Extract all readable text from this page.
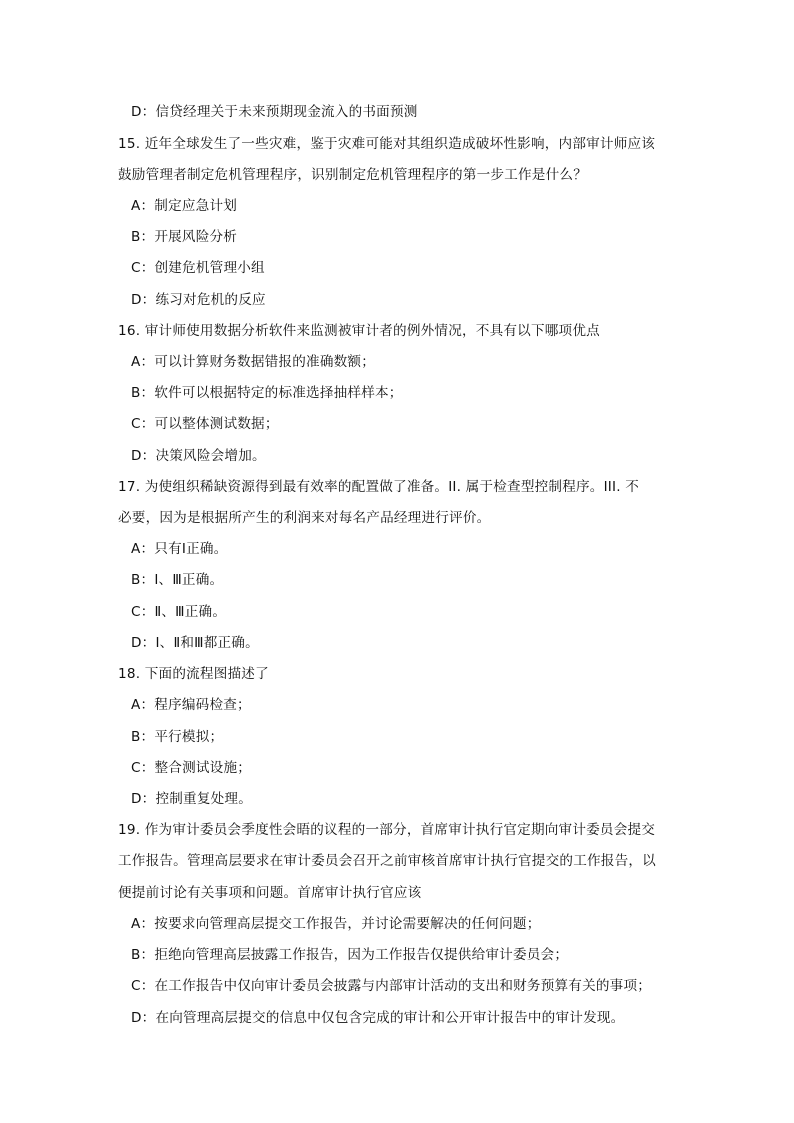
D：信贷经理关于未来预期现金流入的书面预测
15. 近年全球发生了一些灾难，鉴于灾难可能对其组织造成破坏性影响，内部审计师应该
鼓励管理者制定危机管理程序，识别制定危机管理程序的第一步工作是什么？
A：制定应急计划
B：开展风险分析
C：创建危机管理小组
D：练习对危机的反应
16. 审计师使用数据分析软件来监测被审计者的例外情况，不具有以下哪项优点
A：可以计算财务数据错报的准确数额；
B：软件可以根据特定的标准选择抽样样本；
C：可以整体测试数据；
D：决策风险会增加。
17. 为使组织稀缺资源得到最有效率的配置做了准备。II. 属于检查型控制程序。III. 不
必要，因为是根据所产生的利润来对每名产品经理进行评价。
A：只有Ⅰ正确。
B：Ⅰ、Ⅲ正确。
C：Ⅱ、Ⅲ正确。
D：Ⅰ、Ⅱ和Ⅲ都正确。
18. 下面的流程图描述了
A：程序编码检查；
B：平行模拟；
C：整合测试设施；
D：控制重复处理。
19. 作为审计委员会季度性会晤的议程的一部分，首席审计执行官定期向审计委员会提交
工作报告。管理高层要求在审计委员会召开之前审核首席审计执行官提交的工作报告，以
便提前讨论有关事项和问题。首席审计执行官应该
A：按要求向管理高层提交工作报告，并讨论需要解决的任何问题；
B：拒绝向管理高层披露工作报告，因为工作报告仅提供给审计委员会；
C：在工作报告中仅向审计委员会披露与内部审计活动的支出和财务预算有关的事项；
D：在向管理高层提交的信息中仅包含完成的审计和公开审计报告中的审计发现。
